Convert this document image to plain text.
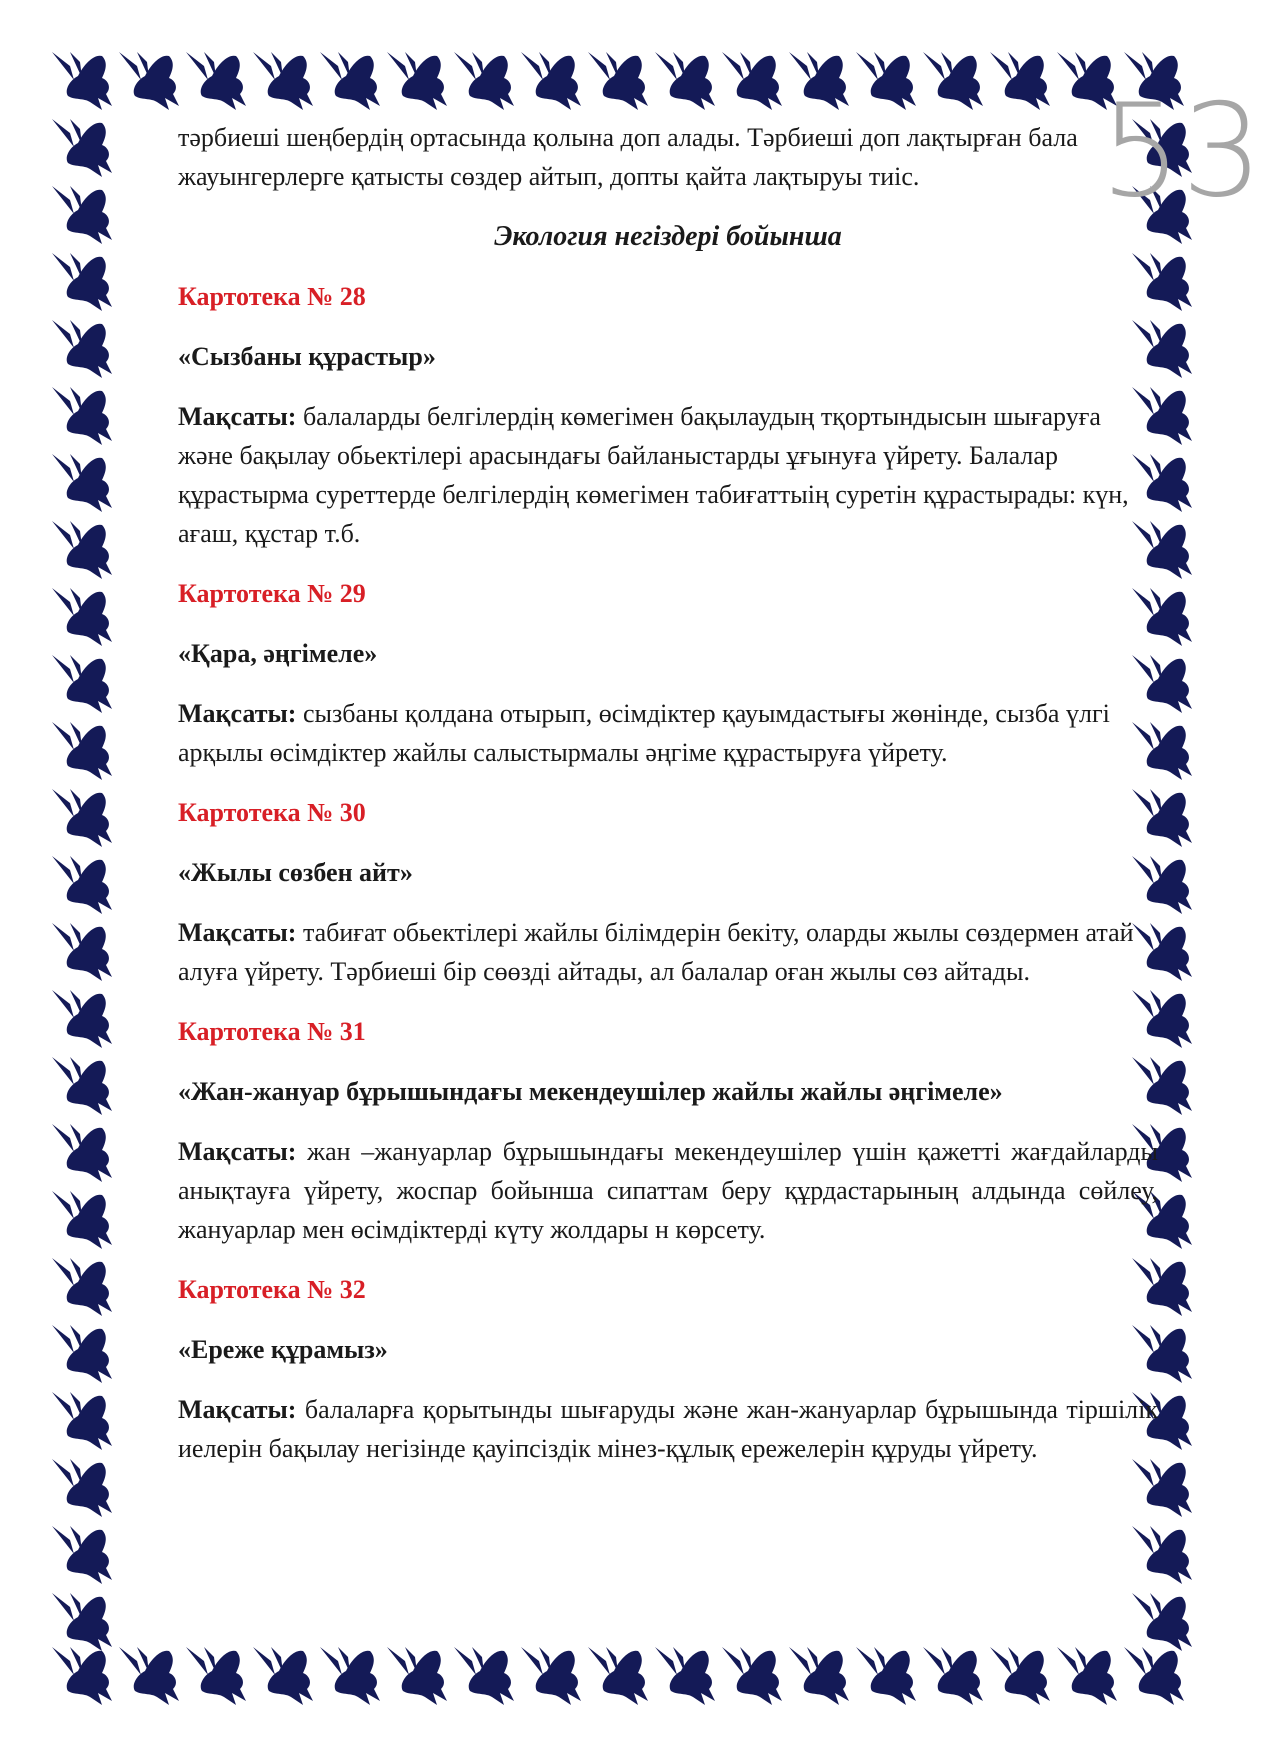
53

тәрбиеші шеңбердің ортасында қолына доп алады. Тәрбиеші доп лақтырған бала жауынгерлерге қатысты сөздер айтып, допты қайта лақтыруы тиіс.

Экология негіздері бойынша

Картотека № 28

«Сызбаны құрастыр»

Мақсаты: балаларды белгілердің көмегімен бақылаудың тқортындысын шығаруға және бақылау обьектілері арасындағы байланыстарды ұғынуға үйрету. Балалар құрастырма суреттерде белгілердің көмегімен табиғаттыің суретін құрастырады: күн, ағаш, құстар т.б.

Картотека № 29

«Қара, әңгімеле»

Мақсаты: сызбаны қолдана отырып, өсімдіктер қауымдастығы жөнінде, сызба үлгі арқылы өсімдіктер жайлы салыстырмалы әңгіме құрастыруға үйрету.

Картотека № 30

«Жылы сөзбен айт»

Мақсаты: табиғат обьектілері жайлы білімдерін бекіту, оларды жылы сөздермен атай алуға үйрету. Тәрбиеші бір сөөзді айтады, ал балалар оған жылы сөз айтады.

Картотека № 31

«Жан-жануар бұрышындағы мекендеушілер жайлы жайлы әңгімеле»

Мақсаты: жан –жануарлар бұрышындағы мекендеушілер үшін қажетті жағдайларды анықтауға үйрету, жоспар бойынша сипаттам беру құрдастарының алдында сөйлеу, жануарлар мен өсімдіктерді күту жолдары н көрсету.

Картотека № 32

«Ереже құрамыз»

Мақсаты: балаларға қорытынды шығаруды және жан-жануарлар бұрышында тіршілік иелерін бақылау негізінде қауіпсіздік мінез-құлық ережелерін құруды үйрету.
